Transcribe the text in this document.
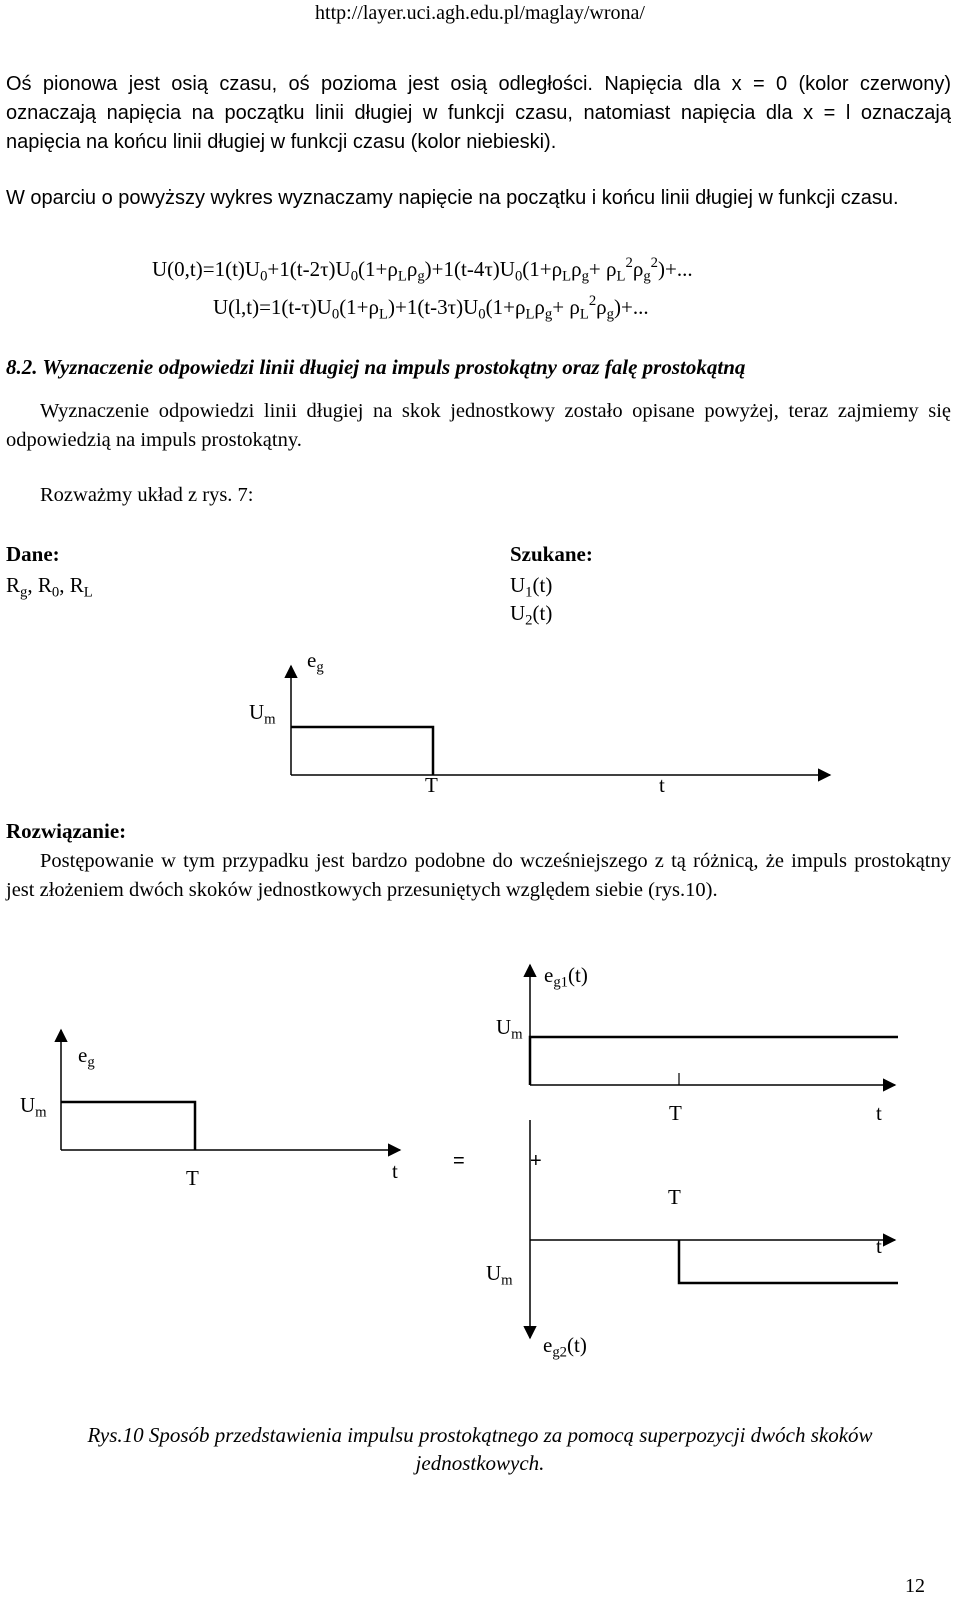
http://layer.uci.agh.edu.pl/maglay/wrona/
Oś pionowa jest osią czasu, oś pozioma jest osią odległości. Napięcia dla x = 0 (kolor czerwony) oznaczają napięcia na początku linii długiej w funkcji czasu, natomiast napięcia dla x = l oznaczają napięcia na końcu linii długiej w funkcji czasu (kolor niebieski).
W oparciu o powyższy wykres wyznaczamy napięcie na początku i końcu linii długiej w funkcji czasu.
$U(0,t)=1(t)U_0+1(t-2\tau)U_0(1+\rho_L\rho_g)+1(t-4\tau)U_0(1+\rho_L\rho_g+ \rho_L^2\rho_g^2)+$...
$U(l,t)=1(t-\tau)U_0(1+\rho_L)+1(t-3\tau)U_0(1+\rho_L\rho_g+ \rho_L^2\rho_g)+$...
8.2. Wyznaczenie odpowiedzi linii długiej na impuls prostokątny oraz falę prostokątną
Wyznaczenie odpowiedzi linii długiej na skok jednostkowy zostało opisane powyżej, teraz zajmiemy się odpowiedzią na impuls prostokątny.
Rozważmy układ z rys. 7:
Dane:
$R_g$, $R_0$, $R_L$
Szukane:
$U_1(t)$
$U_2(t)$
$e_g$
$U_m$
T	t
Rozwiązanie:
Postępowanie w tym przypadku jest bardzo podobne do wcześniejszego z tą różnicą, że impuls prostokątny jest złożeniem dwóch skoków jednostkowych przesuniętych względem siebie (rys.10).
$e_g$
$U_m$
T	t	=	+
$e_{g1}(t)$
$U_m$
T	t
T
t
$U_m$
$e_{g2}(t)$
Rys.10 Sposób przedstawienia impulsu prostokątnego za pomocą superpozycji dwóch skoków
jednostkowych.
12
